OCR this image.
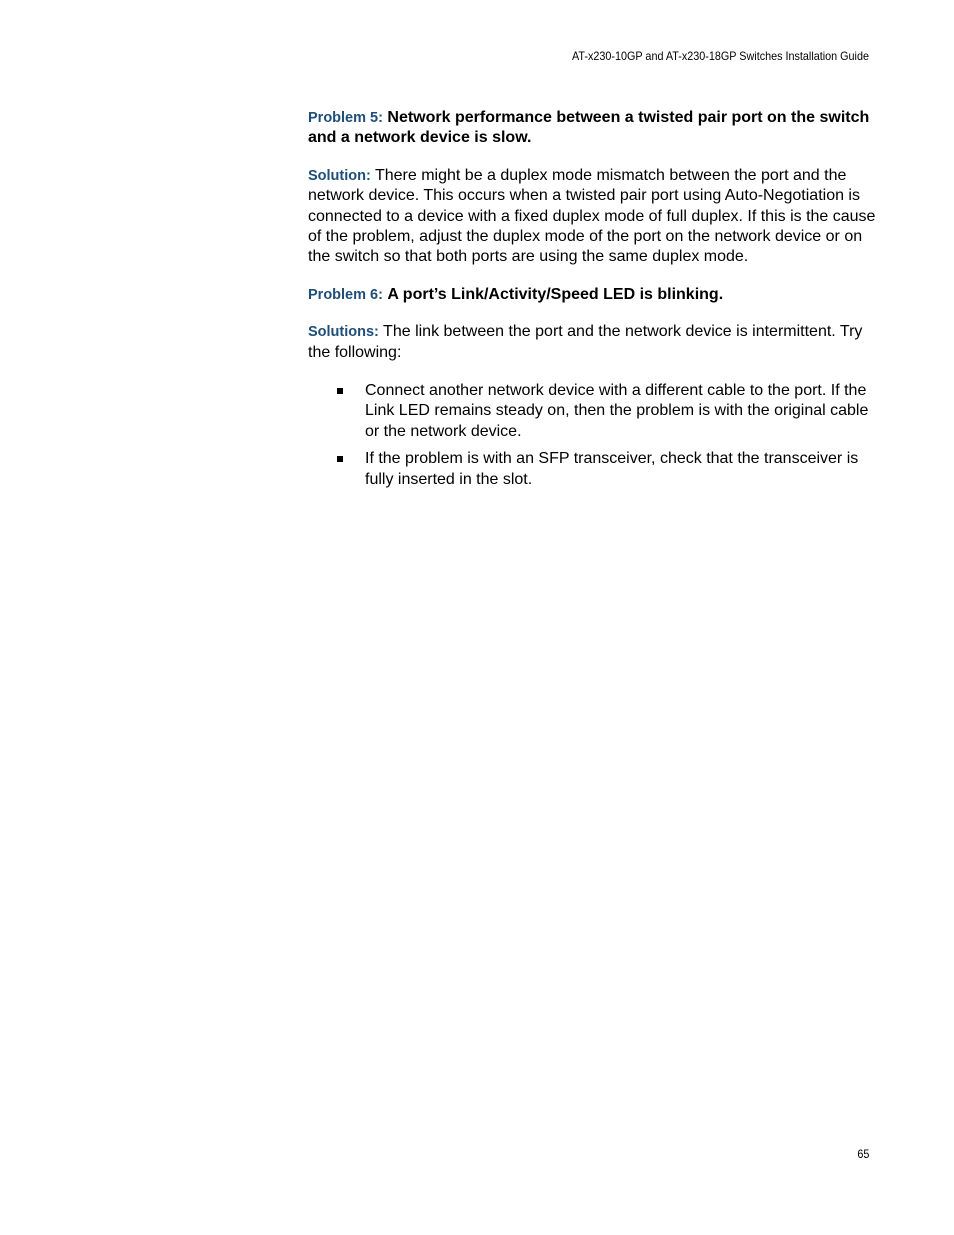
AT-x230-10GP and AT-x230-18GP Switches Installation Guide

Problem 5: Network performance between a twisted pair port on the switch and a network device is slow.

Solution: There might be a duplex mode mismatch between the port and the network device. This occurs when a twisted pair port using Auto-Negotiation is connected to a device with a fixed duplex mode of full duplex. If this is the cause of the problem, adjust the duplex mode of the port on the network device or on the switch so that both ports are using the same duplex mode.

Problem 6: A port’s Link/Activity/Speed LED is blinking.

Solutions: The link between the port and the network device is intermittent. Try the following:

Connect another network device with a different cable to the port. If the Link LED remains steady on, then the problem is with the original cable or the network device.
If the problem is with an SFP transceiver, check that the transceiver is fully inserted in the slot.
65
